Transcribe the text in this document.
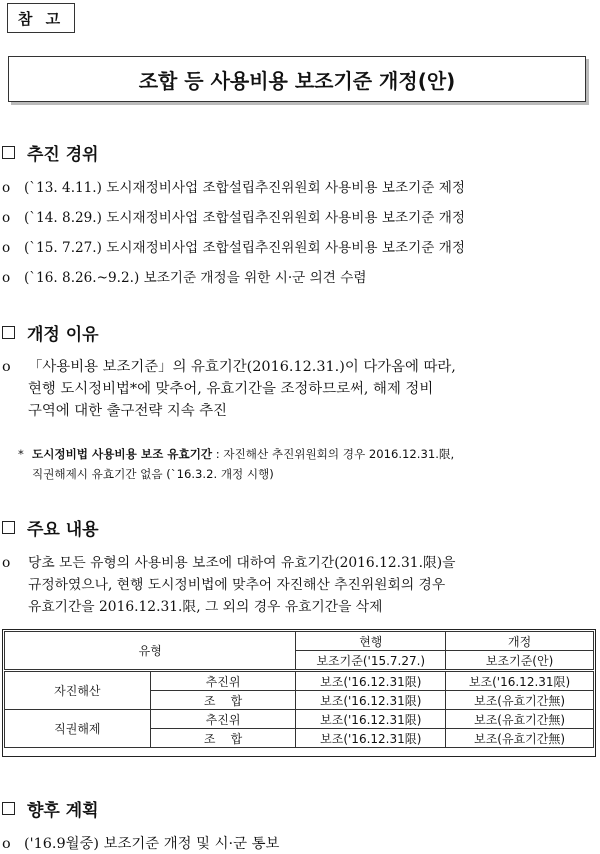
참 고
조합 등 사용비용 보조기준 개정(안)
추진 경위
o (`13. 4.11.) 도시재정비사업 조합설립추진위원회 사용비용 보조기준 제정
o (`14. 8.29.) 도시재정비사업 조합설립추진위원회 사용비용 보조기준 개정
o (`15. 7.27.) 도시재정비사업 조합설립추진위원회 사용비용 보조기준 개정
o (`16. 8.26.~9.2.) 보조기준 개정을 위한 시·군 의견 수렴
개정 이유
o 「사용비용 보조기준」의 유효기간(2016.12.31.)이 다가옴에 따라,
현행 도시정비법*에 맞추어, 유효기간을 조정하므로써, 해제 정비
구역에 대한 출구전략 지속 추진
* 도시정비법 사용비용 보조 유효기간 : 자진해산 추진위원회의 경우 2016.12.31.限,
직권해제시 유효기간 없음 (`16.3.2. 개정 시행)
주요 내용
o 당초 모든 유형의 사용비용 보조에 대하여 유효기간(2016.12.31.限)을
규정하였으나, 현행 도시정비법에 맞추어 자진해산 추진위원회의 경우
유효기간을 2016.12.31.限, 그 외의 경우 유효기간을 삭제
유형		현행	개정
		보조기준('15.7.27.)	보조기준(안)
자진해산	추진위	보조('16.12.31限)	보조('16.12.31限)
	조    합	보조('16.12.31限)	보조(유효기간無)
직권해제	추진위	보조('16.12.31限)	보조(유효기간無)
	조    합	보조('16.12.31限)	보조(유효기간無)
향후 계획
o ('16.9월중) 보조기준 개정 및 시·군 통보
